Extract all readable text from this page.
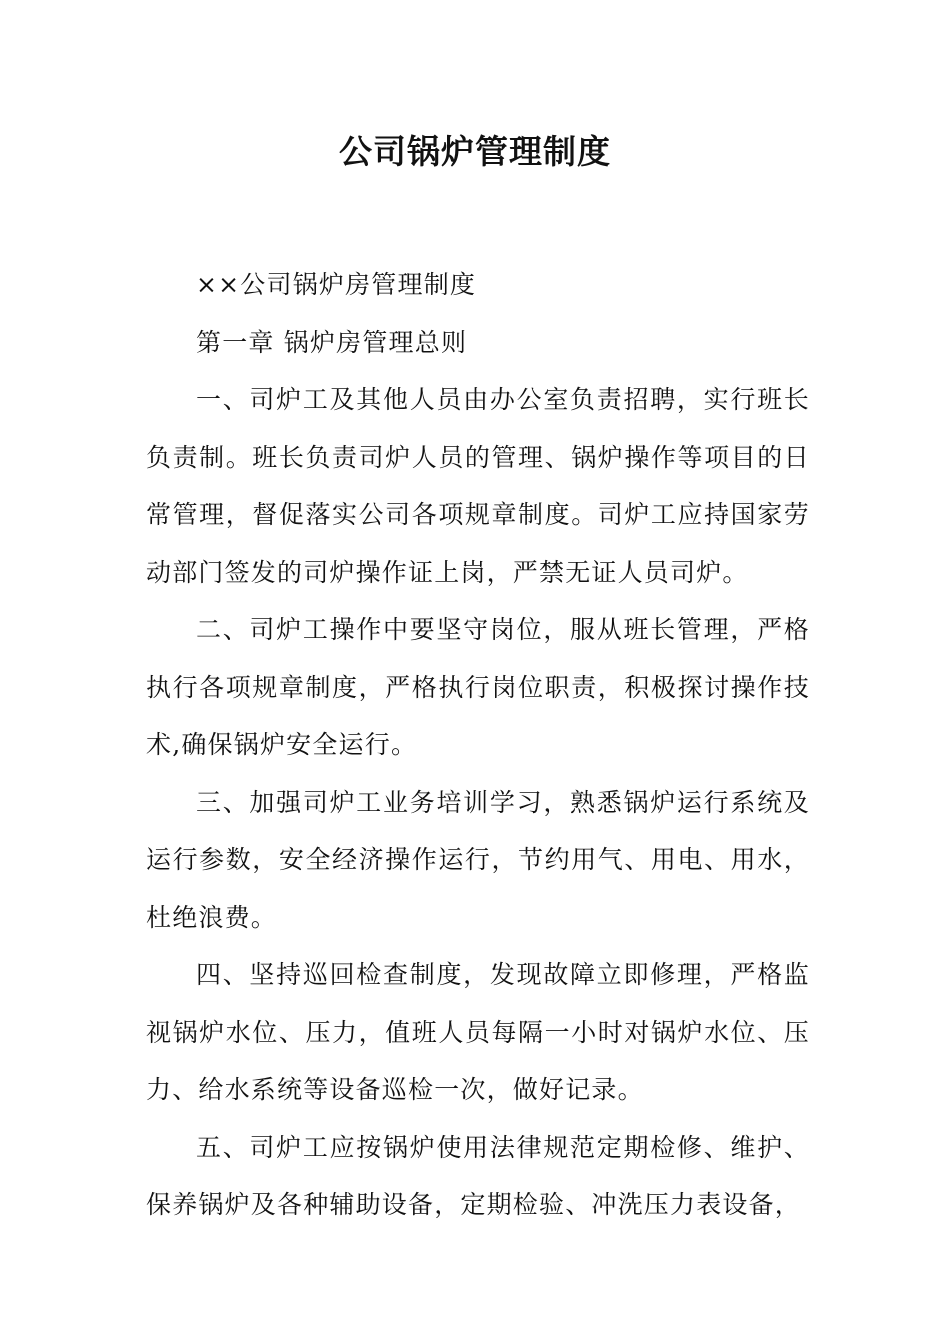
公司锅炉管理制度

××公司锅炉房管理制度

第一章 锅炉房管理总则

一、司炉工及其他人员由办公室负责招聘，实行班长负责制。班长负责司炉人员的管理、锅炉操作等项目的日常管理，督促落实公司各项规章制度。司炉工应持国家劳动部门签发的司炉操作证上岗，严禁无证人员司炉。

二、司炉工操作中要坚守岗位，服从班长管理，严格执行各项规章制度，严格执行岗位职责，积极探讨操作技术,确保锅炉安全运行。

三、加强司炉工业务培训学习，熟悉锅炉运行系统及运行参数，安全经济操作运行，节约用气、用电、用水，杜绝浪费。

四、坚持巡回检查制度，发现故障立即修理，严格监视锅炉水位、压力，值班人员每隔一小时对锅炉水位、压力、给水系统等设备巡检一次，做好记录。

五、司炉工应按锅炉使用法律规范定期检修、维护、保养锅炉及各种辅助设备，定期检验、冲洗压力表设备，
